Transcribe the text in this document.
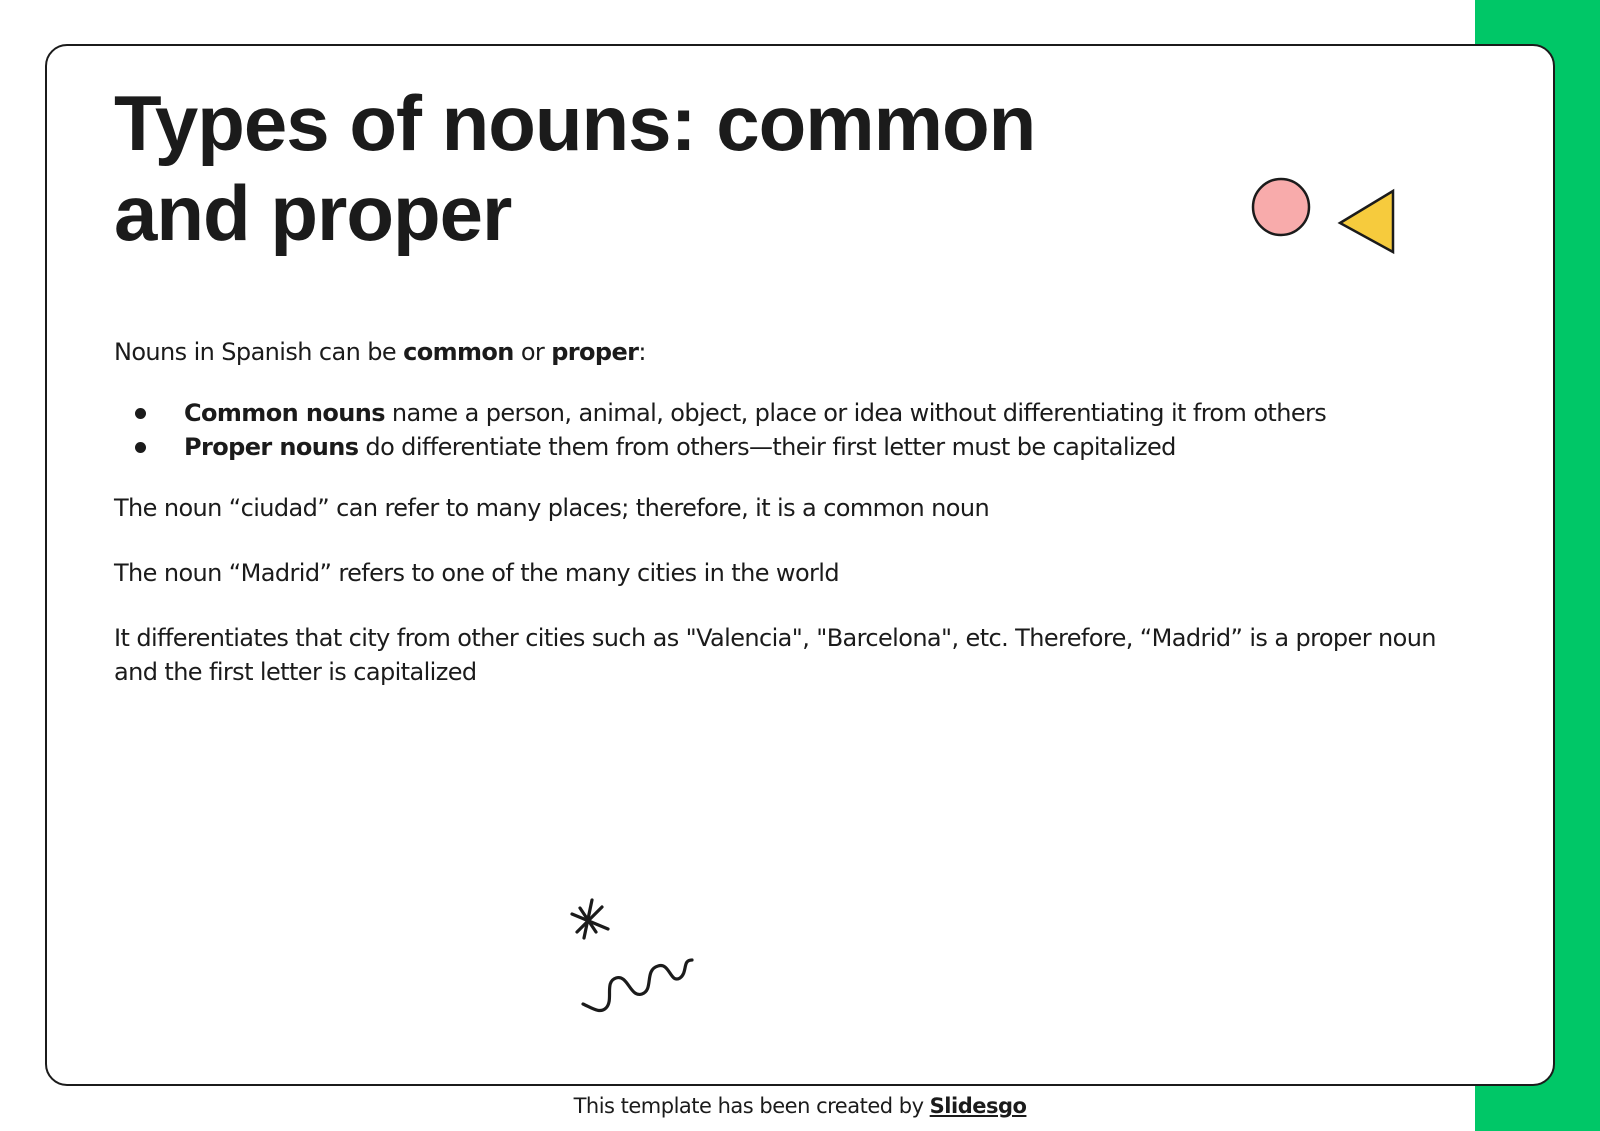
Types of nouns: common
and proper

Nouns in Spanish can be common or proper:

Common nouns name a person, animal, object, place or idea without differentiating it from others
Proper nouns do differentiate them from others—their first letter must be capitalized

The noun “ciudad” can refer to many places; therefore, it is a common noun

The noun “Madrid” refers to one of the many cities in the world

It differentiates that city from other cities such as "Valencia", "Barcelona", etc. Therefore, “Madrid” is a proper noun and the first letter is capitalized

This template has been created by Slidesgo
